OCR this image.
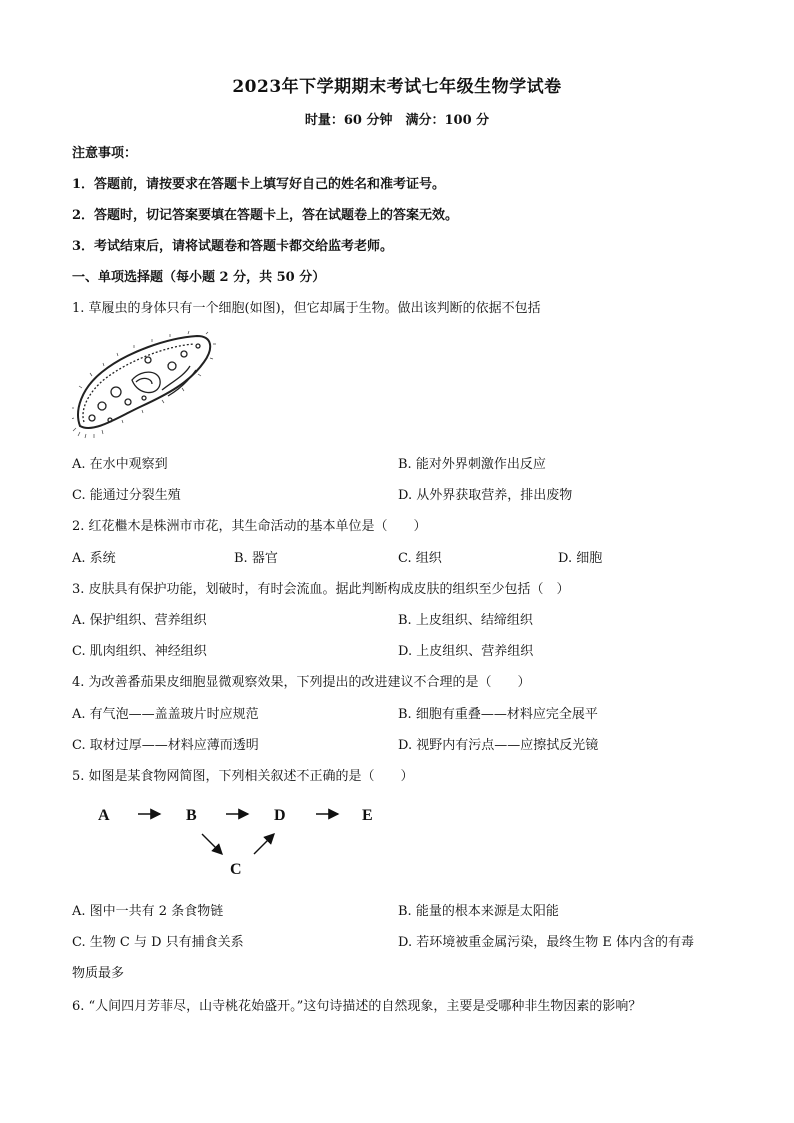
2023年下学期期末考试七年级生物学试卷
时量：60 分钟　满分：100 分
注意事项：
1．答题前，请按要求在答题卡上填写好自己的姓名和准考证号。
2．答题时，切记答案要填在答题卡上，答在试题卷上的答案无效。
3．考试结束后，请将试题卷和答题卡都交给监考老师。
一、单项选择题（每小题 2 分，共 50 分）
1. 草履虫的身体只有一个细胞(如图)，但它却属于生物。做出该判断的依据不包括
A. 在水中观察到	B. 能对外界刺激作出反应
C. 能通过分裂生殖	D. 从外界获取营养，排出废物
2. 红花檵木是株洲市市花，其生命活动的基本单位是（　　）
A. 系统	B. 器官	C. 组织	D. 细胞
3. 皮肤具有保护功能，划破时，有时会流血。据此判断构成皮肤的组织至少包括（　）
A. 保护组织、营养组织	B. 上皮组织、结缔组织
C. 肌肉组织、神经组织	D. 上皮组织、营养组织
4. 为改善番茄果皮细胞显微观察效果，下列提出的改进建议不合理的是（　　）
A. 有气泡——盖盖玻片时应规范	B. 细胞有重叠——材料应完全展平
C. 取材过厚——材料应薄而透明	D. 视野内有污点——应擦拭反光镜
5. 如图是某食物网简图，下列相关叙述不正确的是（　　）
A	B	D	E
C
A. 图中一共有 2 条食物链	B. 能量的根本来源是太阳能
C. 生物 C 与 D 只有捕食关系	D. 若环境被重金属污染，最终生物 E 体内含的有毒
物质最多
6. “人间四月芳菲尽，山寺桃花始盛开。”这句诗描述的自然现象，主要是受哪种非生物因素的影响？
